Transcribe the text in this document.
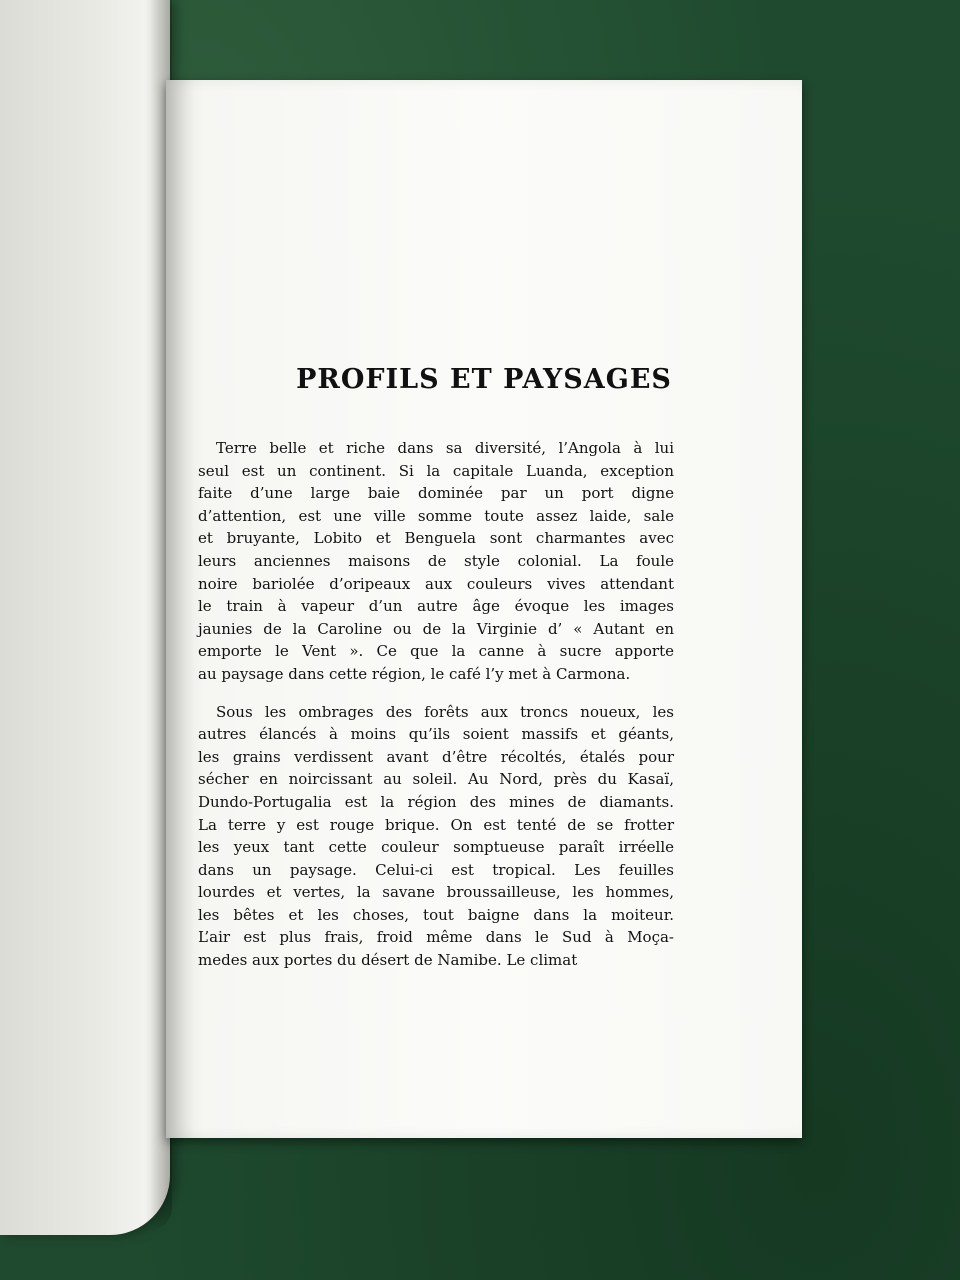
PROFILS ET PAYSAGES

Terre belle et riche dans sa diversité, l’Angola à lui
seul est un continent. Si la capitale Luanda, exception
faite d’une large baie dominée par un port digne
d’attention, est une ville somme toute assez laide, sale
et bruyante, Lobito et Benguela sont charmantes avec
leurs anciennes maisons de style colonial. La foule
noire bariolée d’oripeaux aux couleurs vives attendant
le train à vapeur d’un autre âge évoque les images
jaunies de la Caroline ou de la Virginie d’ « Autant en
emporte le Vent ». Ce que la canne à sucre apporte
au paysage dans cette région, le café l’y met à Carmona.

Sous les ombrages des forêts aux troncs noueux, les
autres élancés à moins qu’ils soient massifs et géants,
les grains verdissent avant d’être récoltés, étalés pour
sécher en noircissant au soleil. Au Nord, près du Kasaï,
Dundo-Portugalia est la région des mines de diamants.
La terre y est rouge brique. On est tenté de se frotter
les yeux tant cette couleur somptueuse paraît irréelle
dans un paysage. Celui-ci est tropical. Les feuilles
lourdes et vertes, la savane broussailleuse, les hommes,
les bêtes et les choses, tout baigne dans la moiteur.
L’air est plus frais, froid même dans le Sud à Moça-
medes aux portes du désert de Namibe. Le climat
